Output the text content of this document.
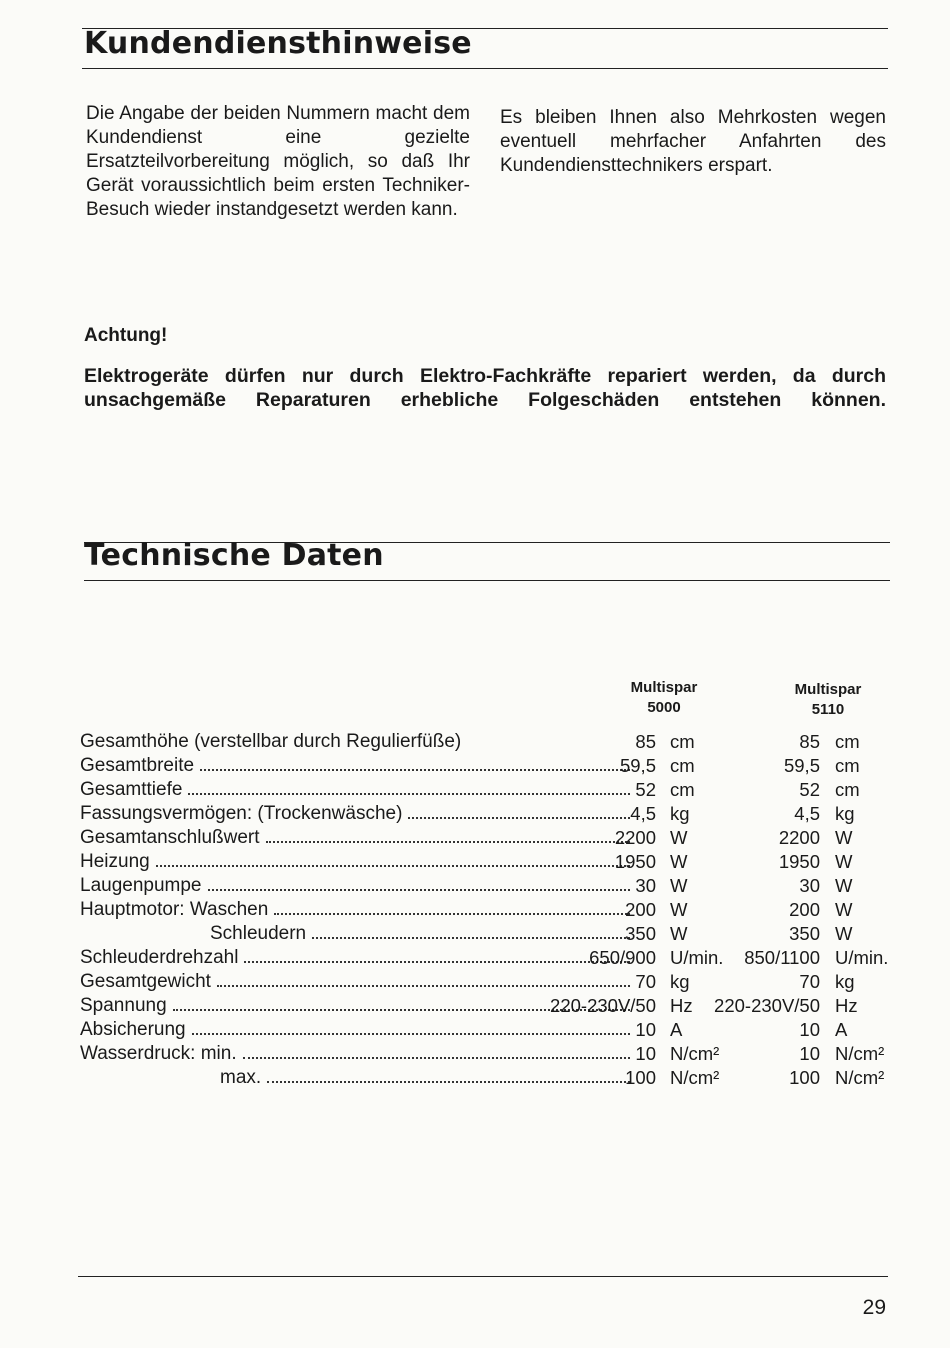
Kundendiensthinweise

Die Angabe der beiden Nummern macht dem Kundendienst eine gezielte Ersatzteilvorbereitung möglich, so daß Ihr Gerät voraussichtlich beim ersten Techniker-Besuch wieder instandgesetzt werden kann.

Es bleiben Ihnen also Mehrkosten wegen eventuell mehrfacher Anfahrten des Kundendiensttechnikers erspart.

Achtung!

Elektrogeräte dürfen nur durch Elektro-Fachkräfte repariert werden, da durch unsachgemäße Reparaturen erhebliche Folgeschäden entstehen können.

Technische Daten
Multispar
5000
Multispar
5110
Gesamthöhe (verstellbar durch Regulierfüße)	85 cm	85 cm
Gesamtbreite	59,5 cm	59,5 cm
Gesamttiefe	52 cm	52 cm
Fassungsvermögen: (Trockenwäsche)	4,5 kg	4,5 kg
Gesamtanschlußwert	2200 W	2200 W
Heizung	1950 W	1950 W
Laugenpumpe	30 W	30 W
Hauptmotor: Waschen	200 W	200 W
Schleudern	350 W	350 W
Schleuderdrehzahl	650/900 U/min. 850/1100 U/min.
Gesamtgewicht	70 kg	70 kg
Spannung	220-230V/50 Hz 220-230V/50 Hz
Absicherung	10 A	10 A
Wasserdruck: min.	10 N/cm²	10 N/cm²
max.	100 N/cm²	100 N/cm²
29
